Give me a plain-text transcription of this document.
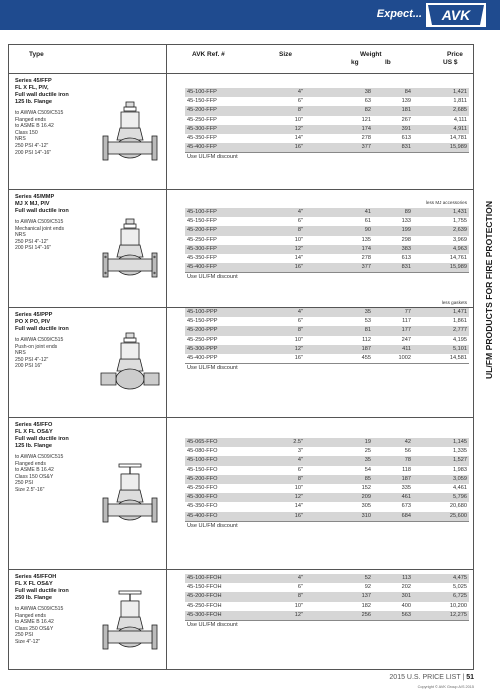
Expect... AVK
Type	AVK Ref. #	Size	Weight
kg	lb
Price
US $
Series 45/FFP
FL X FL, PIV,
Full wall ductile iron
125 lb. Flange
to AWWA C509/C515
Flanged ends
to ASME B 16.42
Class 150
NRS
250 PSI 4"-12"
200 PSI 14"-16"
45-100-FFP	4"	38	84	1,421
45-150-FFP	6"	63	139	1,811
45-200-FFP	8"	82	181	2,685
45-250-FFP	10"	121	267	4,111
45-300-FFP	12"	174	391	4,911
45-350-FFP	14"	278	613	14,781
45-400-FFP	16"	377	831	15,989
Use UL/FM discount
Series 45/MMP
MJ X MJ, PIV
Full wall ductile iron
to AWWA C509/C515
Mechanical joint ends
NRS
250 PSI 4"-12"
200 PSI 14"-16"
less MJ accessories
45-100-FFP	4"	41	89	1,431
45-150-FFP	6"	61	133	1,755
45-200-FFP	8"	90	199	2,639
45-250-FFP	10"	135	298	3,969
45-300-FFP	12"	174	383	4,963
45-350-FFP	14"	278	613	14,761
45-400-FFP	16"	377	831	15,989
Use UL/FM discount
Series 45/PPP
PO X PO, PIV
Full wall ductile iron
to AWWA C509/C515
Push-on joint ends
NRS
250 PSI 4"-12"
200 PSI 16"
less gaskets
45-100-PPP	4"	35	77	1,471
45-150-PPP	6"	53	117	1,861
45-200-PPP	8"	81	177	2,777
45-250-PPP	10"	112	247	4,195
45-300-PPP	12"	187	411	5,101
45-400-PPP	16"	455	1002	14,581
Use UL/FM discount
Series 45/FFO
FL X FL OS&Y
Full wall ductile iron
125 lb. Flange
to AWWA C509/C515
Flanged ends
to ASME B 16.42
Class 150 OS&Y
250 PSI
Size 2.5"-16"
45-065-FFO	2.5"	19	42	1,145
45-080-FFO	3"	25	56	1,335
45-100-FFO	4"	35	78	1,527
45-150-FFO	6"	54	118	1,983
45-200-FFO	8"	85	187	3,059
45-250-FFO	10"	152	335	4,461
45-300-FFO	12"	209	461	5,796
45-350-FFO	14"	305	673	20,680
45-400-FFO	16"	310	684	25,600
Use UL/FM discount
Series 45/FFOH
FL X FL OS&Y
Full wall ductile iron
250 lb. Flange
to AWWA C509/C515
Flanged ends
to ASME B 16.42
Class 250 OS&Y
250 PSI
Size 4"-12"
45-100-FFOH	4"	52	113	4,475
45-150-FFOH	6"	92	202	5,025
45-200-FFOH	8"	137	301	6,725
45-250-FFOH	10"	182	400	10,200
45-300-FFOH	12"	256	563	12,275
Use UL/FM discount
UL/FM PRODUCTS FOR FIRE PROTECTION
2015 U.S. PRICE LIST | 51
Copyright © AVK Group A/S 2015
